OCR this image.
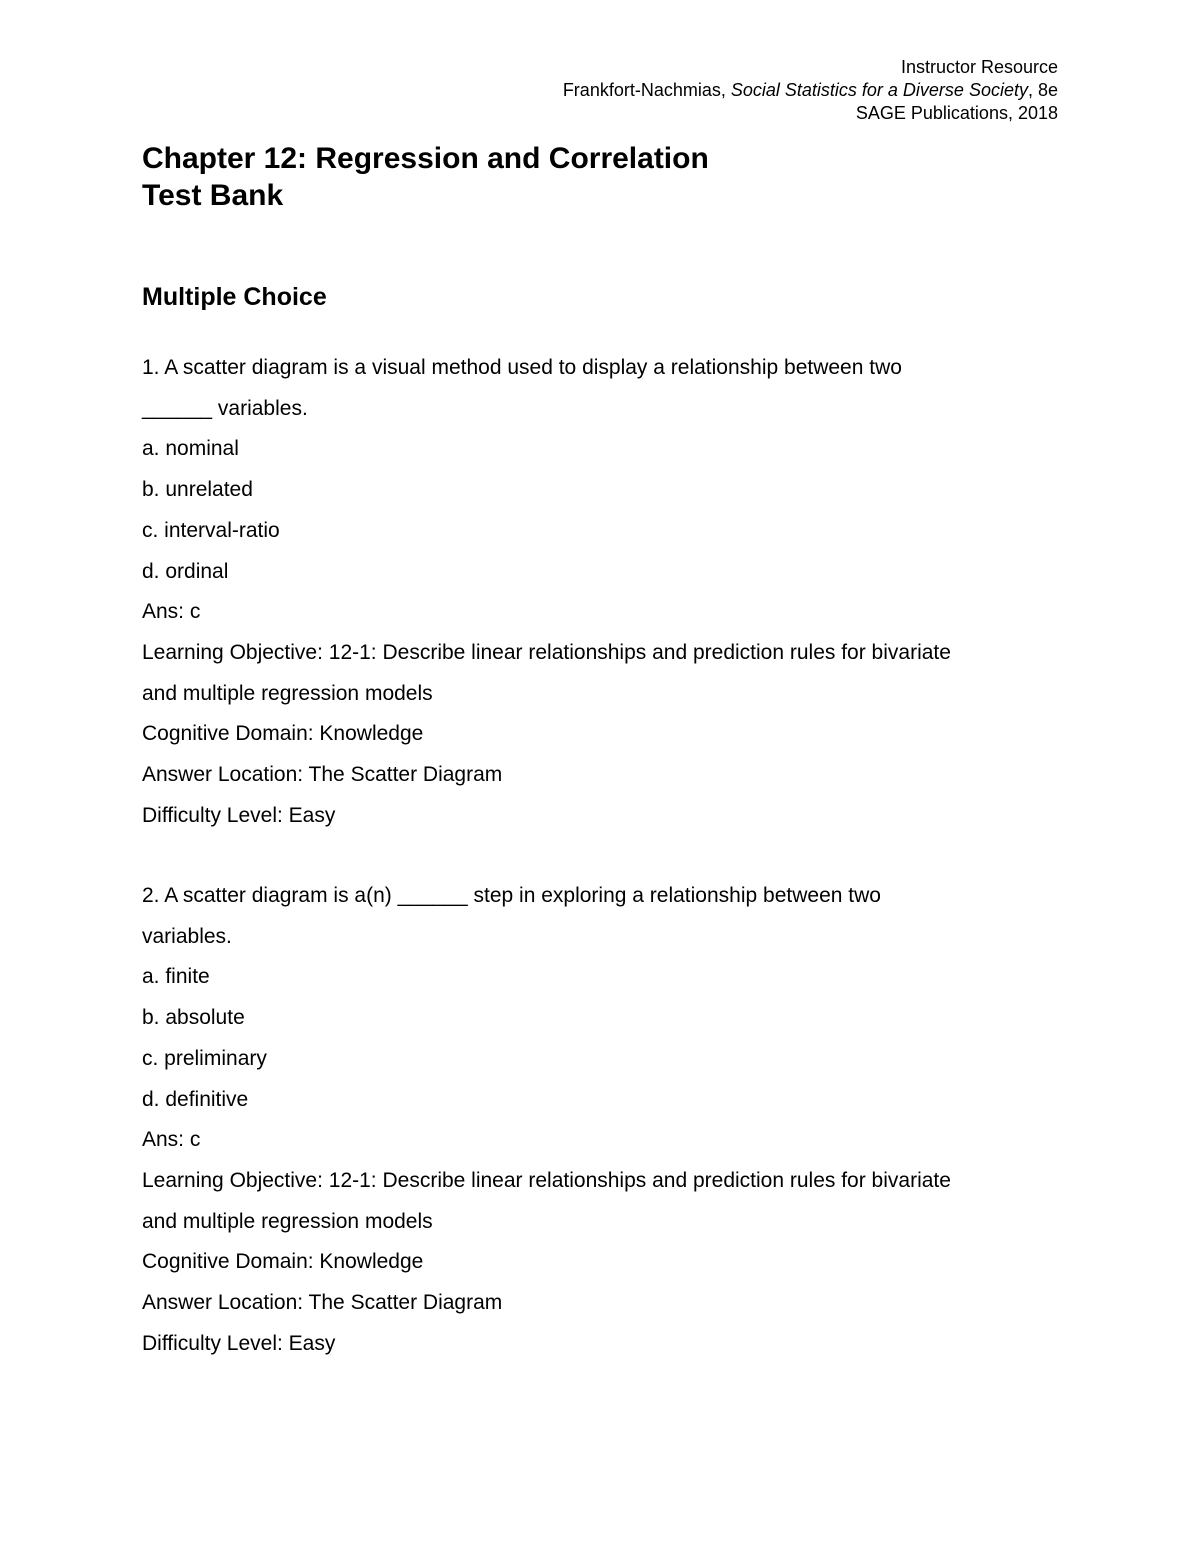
Instructor Resource
Frankfort-Nachmias, Social Statistics for a Diverse Society, 8e
SAGE Publications, 2018
Chapter 12: Regression and Correlation
Test Bank
Multiple Choice
1. A scatter diagram is a visual method used to display a relationship between two
______ variables.
a. nominal
b. unrelated
c. interval-ratio
d. ordinal
Ans: c
Learning Objective: 12-1: Describe linear relationships and prediction rules for bivariate
and multiple regression models
Cognitive Domain: Knowledge
Answer Location: The Scatter Diagram
Difficulty Level: Easy
2. A scatter diagram is a(n) ______ step in exploring a relationship between two
variables.
a. finite
b. absolute
c. preliminary
d. definitive
Ans: c
Learning Objective: 12-1: Describe linear relationships and prediction rules for bivariate
and multiple regression models
Cognitive Domain: Knowledge
Answer Location: The Scatter Diagram
Difficulty Level: Easy
